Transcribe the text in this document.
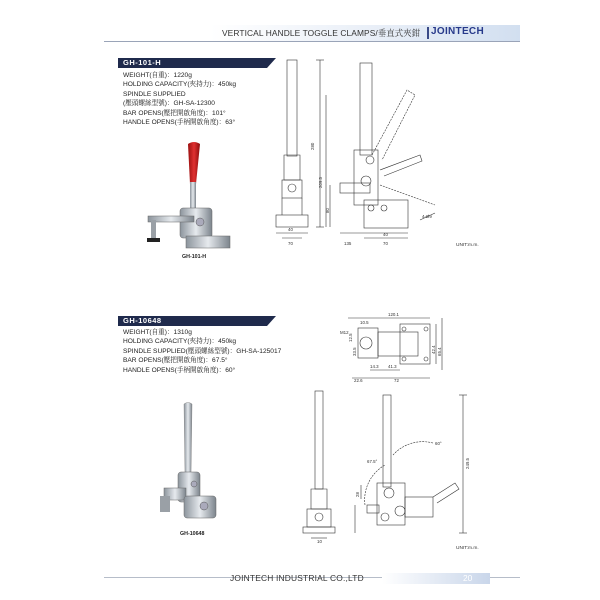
VERTICAL HANDLE TOGGLE CLAMPS/垂直式夾鉗 JOINTECH
GH-101-H
WEIGHT(自重)：1220g
HOLDING CAPACITY(夾持力)：450kg
SPINDLE SUPPLIED
(壓頭螺絲型號)：GH-SA-12300
BAR OPENS(壓把開啟角度)：101°
HANDLE OPENS(手柄開啟角度)：63°
GH-101-H
280
209.5
80
40
70	135
40
70
4-Ø9
UNIT:m.m.
GH-10648
WEIGHT(自重)：1310g
HOLDING CAPACITY(夾持力)：450kg
SPINDLE SUPPLIED(壓頭螺絲型號)：GH-SA-125017
BAR OPENS(壓把開啟角度)：67.5°
HANDLE OPENS(手柄開啟角度)：60°
GH-10648
120.1
M12
10.5
12.5
33.5	42.4 65.4
14.3 41.3
22.6	72
67.5°
60°
249.5
28
10
UNIT:m.m.
JOINTECH INDUSTRIAL CO.,LTD	20
